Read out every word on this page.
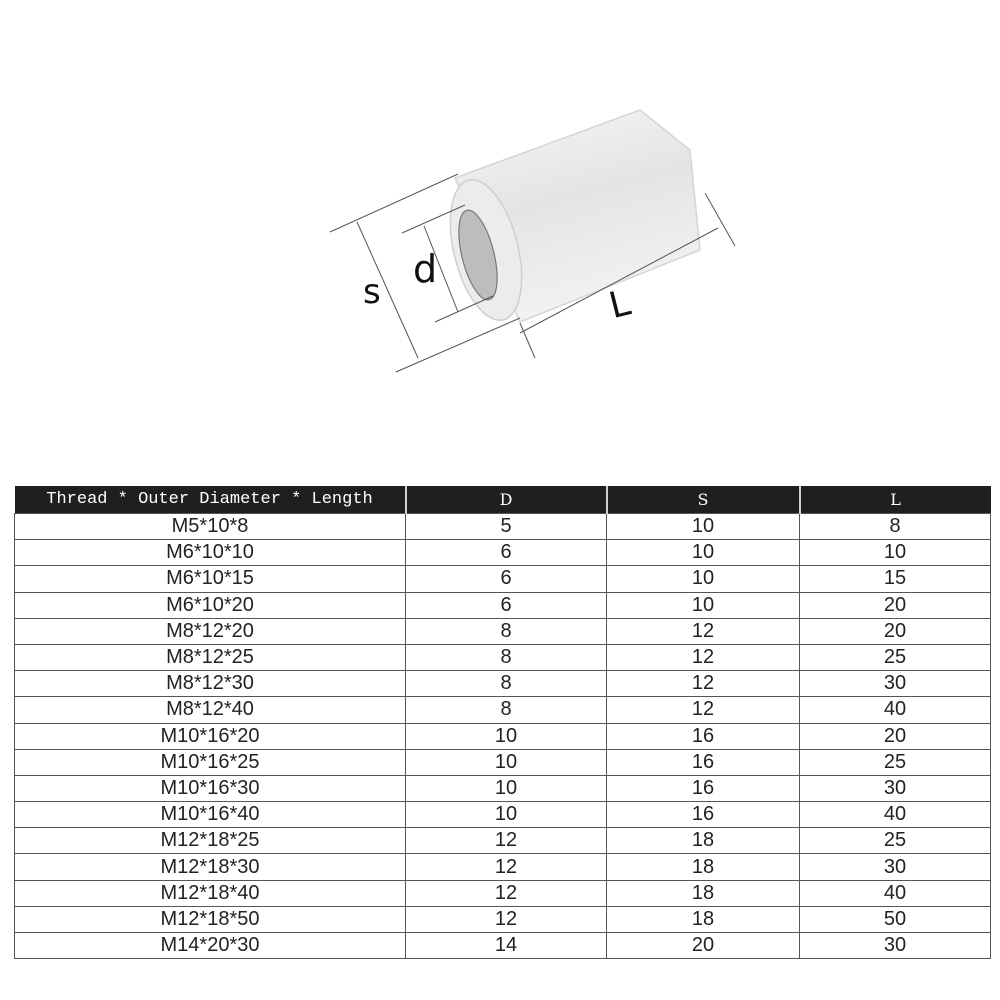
s
d
L
Thread * Outer Diameter * Length	D	S	L
M5*10*8	5	10	8
M6*10*10	6	10	10
M6*10*15	6	10	15
M6*10*20	6	10	20
M8*12*20	8	12	20
M8*12*25	8	12	25
M8*12*30	8	12	30
M8*12*40	8	12	40
M10*16*20	10	16	20
M10*16*25	10	16	25
M10*16*30	10	16	30
M10*16*40	10	16	40
M12*18*25	12	18	25
M12*18*30	12	18	30
M12*18*40	12	18	40
M12*18*50	12	18	50
M14*20*30	14	20	30
